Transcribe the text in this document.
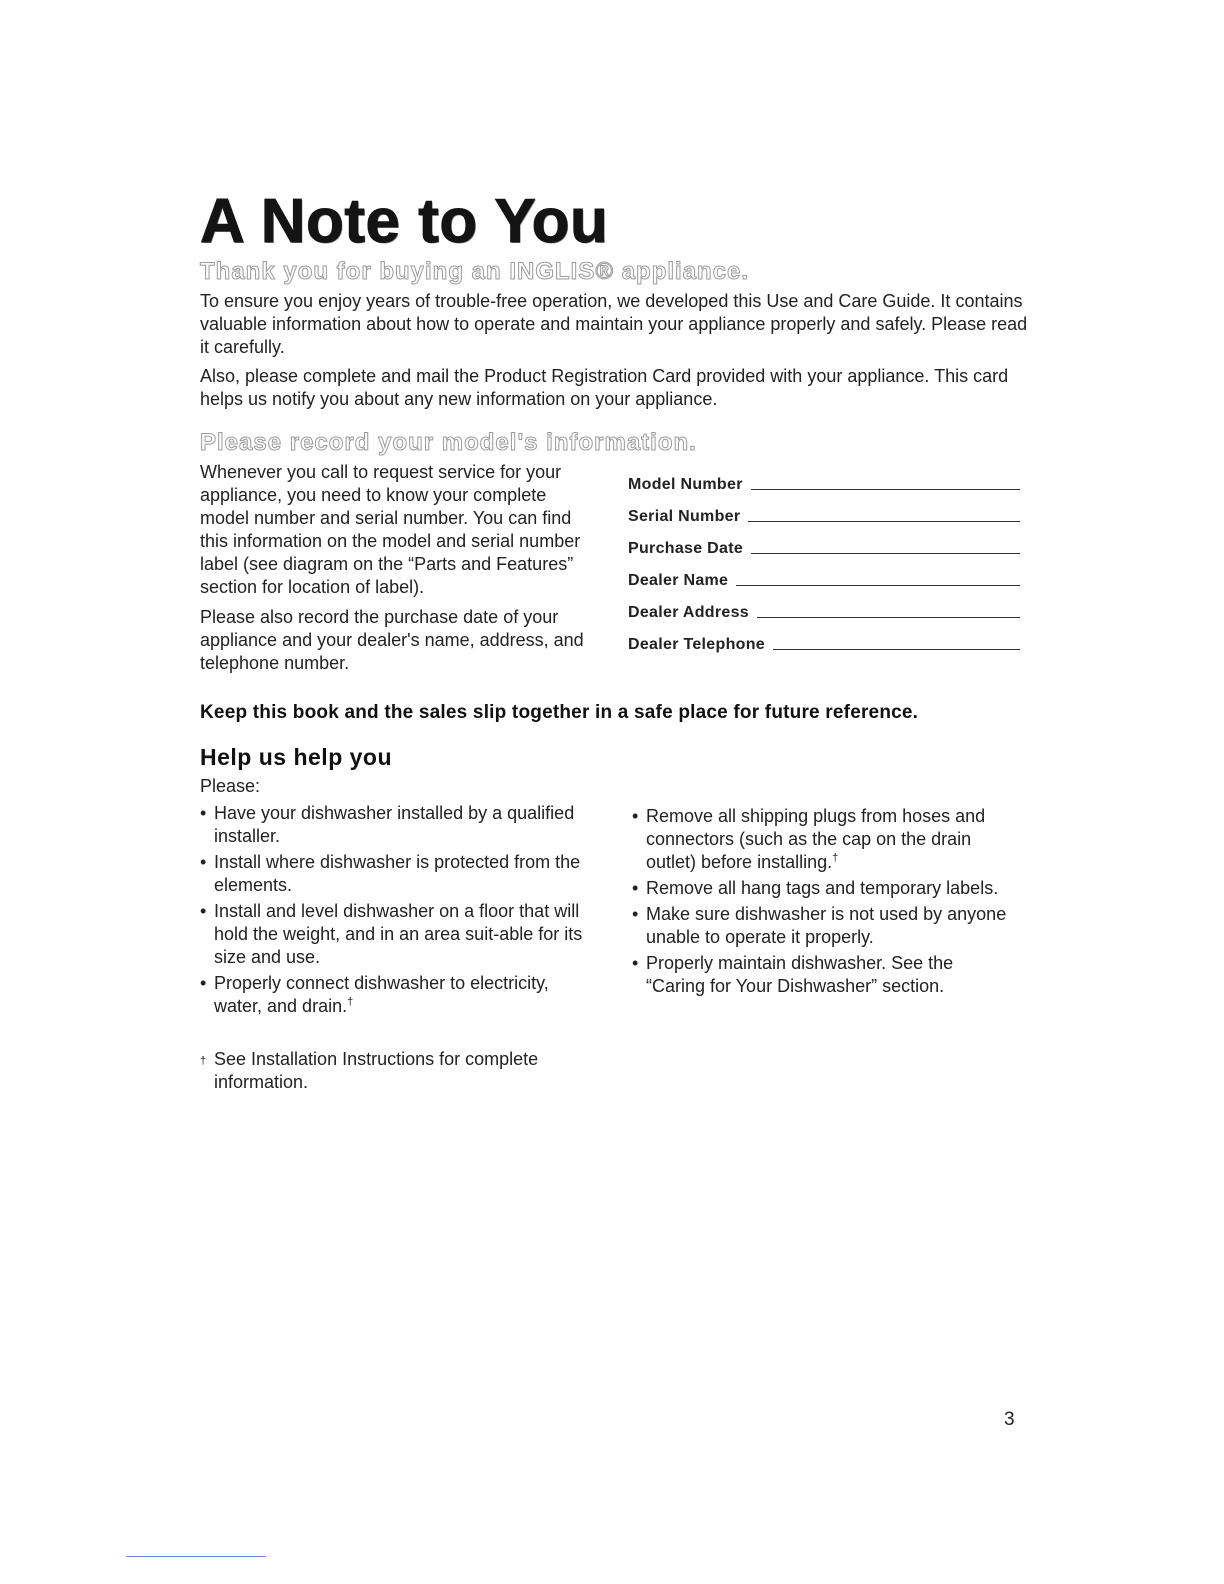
A Note to You
Thank you for buying an INGLIS® appliance.

To ensure you enjoy years of trouble-free operation, we developed this Use and Care Guide. It contains valuable information about how to operate and maintain your appliance properly and safely. Please read it carefully.

Also, please complete and mail the Product Registration Card provided with your appliance. This card helps us notify you about any new information on your appliance.

Please record your model's information.

Whenever you call to request service for your appliance, you need to know your complete model number and serial number. You can find this information on the model and serial number label (see diagram on the “Parts and Features” section for location of label).

Please also record the purchase date of your appliance and your dealer's name, address, and telephone number.

Model Number
Serial Number
Purchase Date
Dealer Name
Dealer Address
Dealer Telephone
Keep this book and the sales slip together in a safe place for future reference.
Help us help you
Please:
• Have your dishwasher installed by a qualified installer.
• Install where dishwasher is protected from the elements.
• Install and level dishwasher on a floor that will hold the weight, and in an area suit-able for its size and use.
• Properly connect dishwasher to electricity, water, and drain.†
• Remove all shipping plugs from hoses and connectors (such as the cap on the drain outlet) before installing.†
• Remove all hang tags and temporary labels.
• Make sure dishwasher is not used by anyone unable to operate it properly.
• Properly maintain dishwasher. See the “Caring for Your Dishwasher” section.
† See Installation Instructions for complete information.
3
